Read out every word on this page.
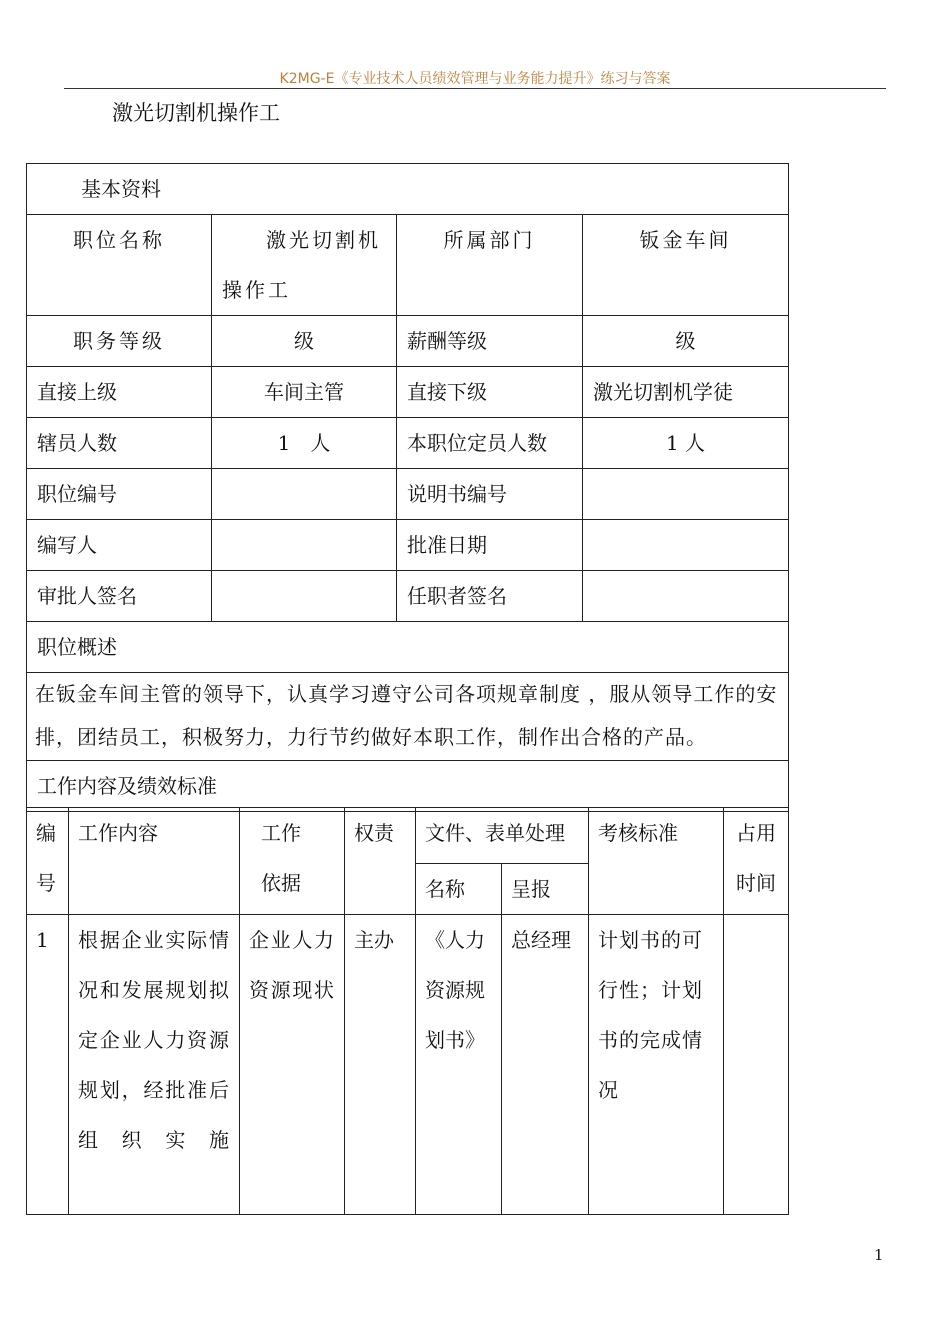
K2MG-E《专业技术人员绩效管理与业务能力提升》练习与答案
激光切割机操作工
基本资料			
职位名称	激光切割机操作工	所属部门	钣金车间
职务等级	级	薪酬等级	级
直接上级	车间主管	直接下级	激光切割机学徒
辖员人数	1　人	本职位定员人数	1 人
职位编号		说明书编号	
编写人		批准日期	
审批人签名		任职者签名	
职位概述			
在钣金车间主管的领导下，认真学习遵守公司各项规章制度 ，服从领导工作的安排，团结员工，积极努力，力行节约做好本职工作，制作出合格的产品。			
工作内容及绩效标准			
编号	工作内容	工作依据	权责	文件、表单处理		考核标准	占用时间
				名称	呈报		
1	根据企业实际情况和发展规划拟定企业人力资源规划，经批准后组织实施	企业人力资源现状	主办	《人力资源规划书》	总经理	计划书的可行性；计划书的完成情况	
1
